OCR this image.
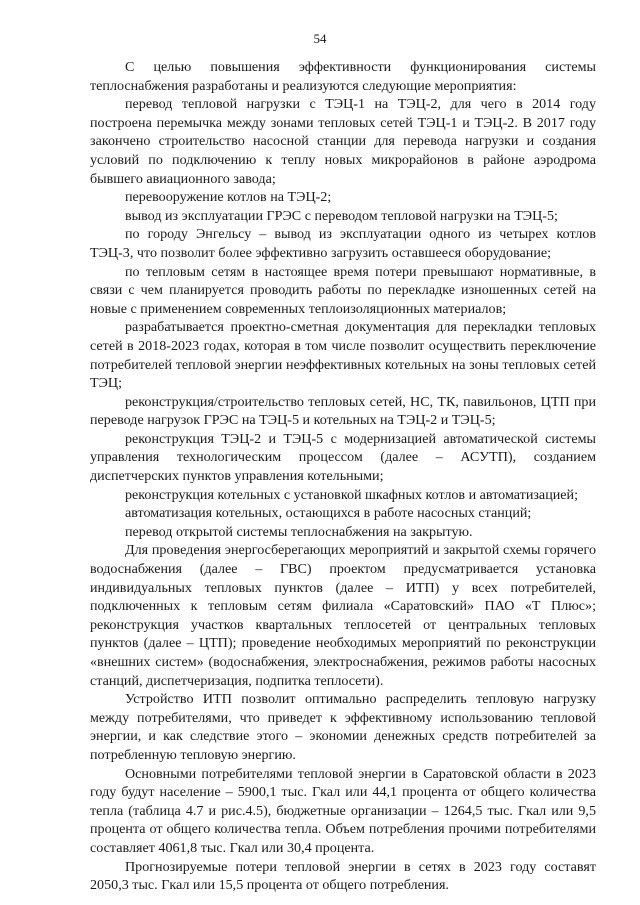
54

С целью повышения эффективности функционирования системы теплоснабжения разработаны и реализуются следующие мероприятия:

перевод тепловой нагрузки с ТЭЦ-1 на ТЭЦ-2, для чего в 2014 году построена перемычка между зонами тепловых сетей ТЭЦ-1 и ТЭЦ-2. В 2017 году закончено строительство насосной станции для перевода нагрузки и создания условий по подключению к теплу новых микрорайонов в районе аэродрома бывшего авиационного завода;

перевооружение котлов на ТЭЦ-2;

вывод из эксплуатации ГРЭС с переводом тепловой нагрузки на ТЭЦ-5;

по городу Энгельсу – вывод из эксплуатации одного из четырех котлов ТЭЦ-3, что позволит более эффективно загрузить оставшееся оборудование;

по тепловым сетям в настоящее время потери превышают нормативные, в связи с чем планируется проводить работы по перекладке изношенных сетей на новые с применением современных теплоизоляционных материалов;

разрабатывается проектно-сметная документация для перекладки тепловых сетей в 2018-2023 годах, которая в том числе позволит осуществить переключение потребителей тепловой энергии неэффективных котельных на зоны тепловых сетей ТЭЦ;

реконструкция/строительство тепловых сетей, НС, ТК, павильонов, ЦТП при переводе нагрузок ГРЭС на ТЭЦ-5 и котельных на ТЭЦ-2 и ТЭЦ-5;

реконструкция ТЭЦ-2 и ТЭЦ-5 с модернизацией автоматической системы управления технологическим процессом (далее – АСУТП), созданием диспетчерских пунктов управления котельными;

реконструкция котельных с установкой шкафных котлов и автоматизацией;

автоматизация котельных, остающихся в работе насосных станций;

перевод открытой системы теплоснабжения на закрытую.

Для проведения энергосберегающих мероприятий и закрытой схемы горячего водоснабжения (далее – ГВС) проектом предусматривается установка индивидуальных тепловых пунктов (далее – ИТП) у всех потребителей, подключенных к тепловым сетям филиала «Саратовский» ПАО «Т Плюс»; реконструкция участков квартальных теплосетей от центральных тепловых пунктов (далее – ЦТП); проведение необходимых мероприятий по реконструкции «внешних систем» (водоснабжения, электроснабжения, режимов работы насосных станций, диспетчеризация, подпитка теплосети).

Устройство ИТП позволит оптимально распределить тепловую нагрузку между потребителями, что приведет к эффективному использованию тепловой энергии, и как следствие этого – экономии денежных средств потребителей за потребленную тепловую энергию.

Основными потребителями тепловой энергии в Саратовской области в 2023 году будут население – 5900,1 тыс. Гкал или 44,1 процента от общего количества тепла (таблица 4.7 и рис.4.5), бюджетные организации – 1264,5 тыс. Гкал или 9,5 процента от общего количества тепла. Объем потребления прочими потребителями составляет 4061,8 тыс. Гкал или 30,4 процента.

Прогнозируемые потери тепловой энергии в сетях в 2023 году составят 2050,3 тыс. Гкал или 15,5 процента от общего потребления.
